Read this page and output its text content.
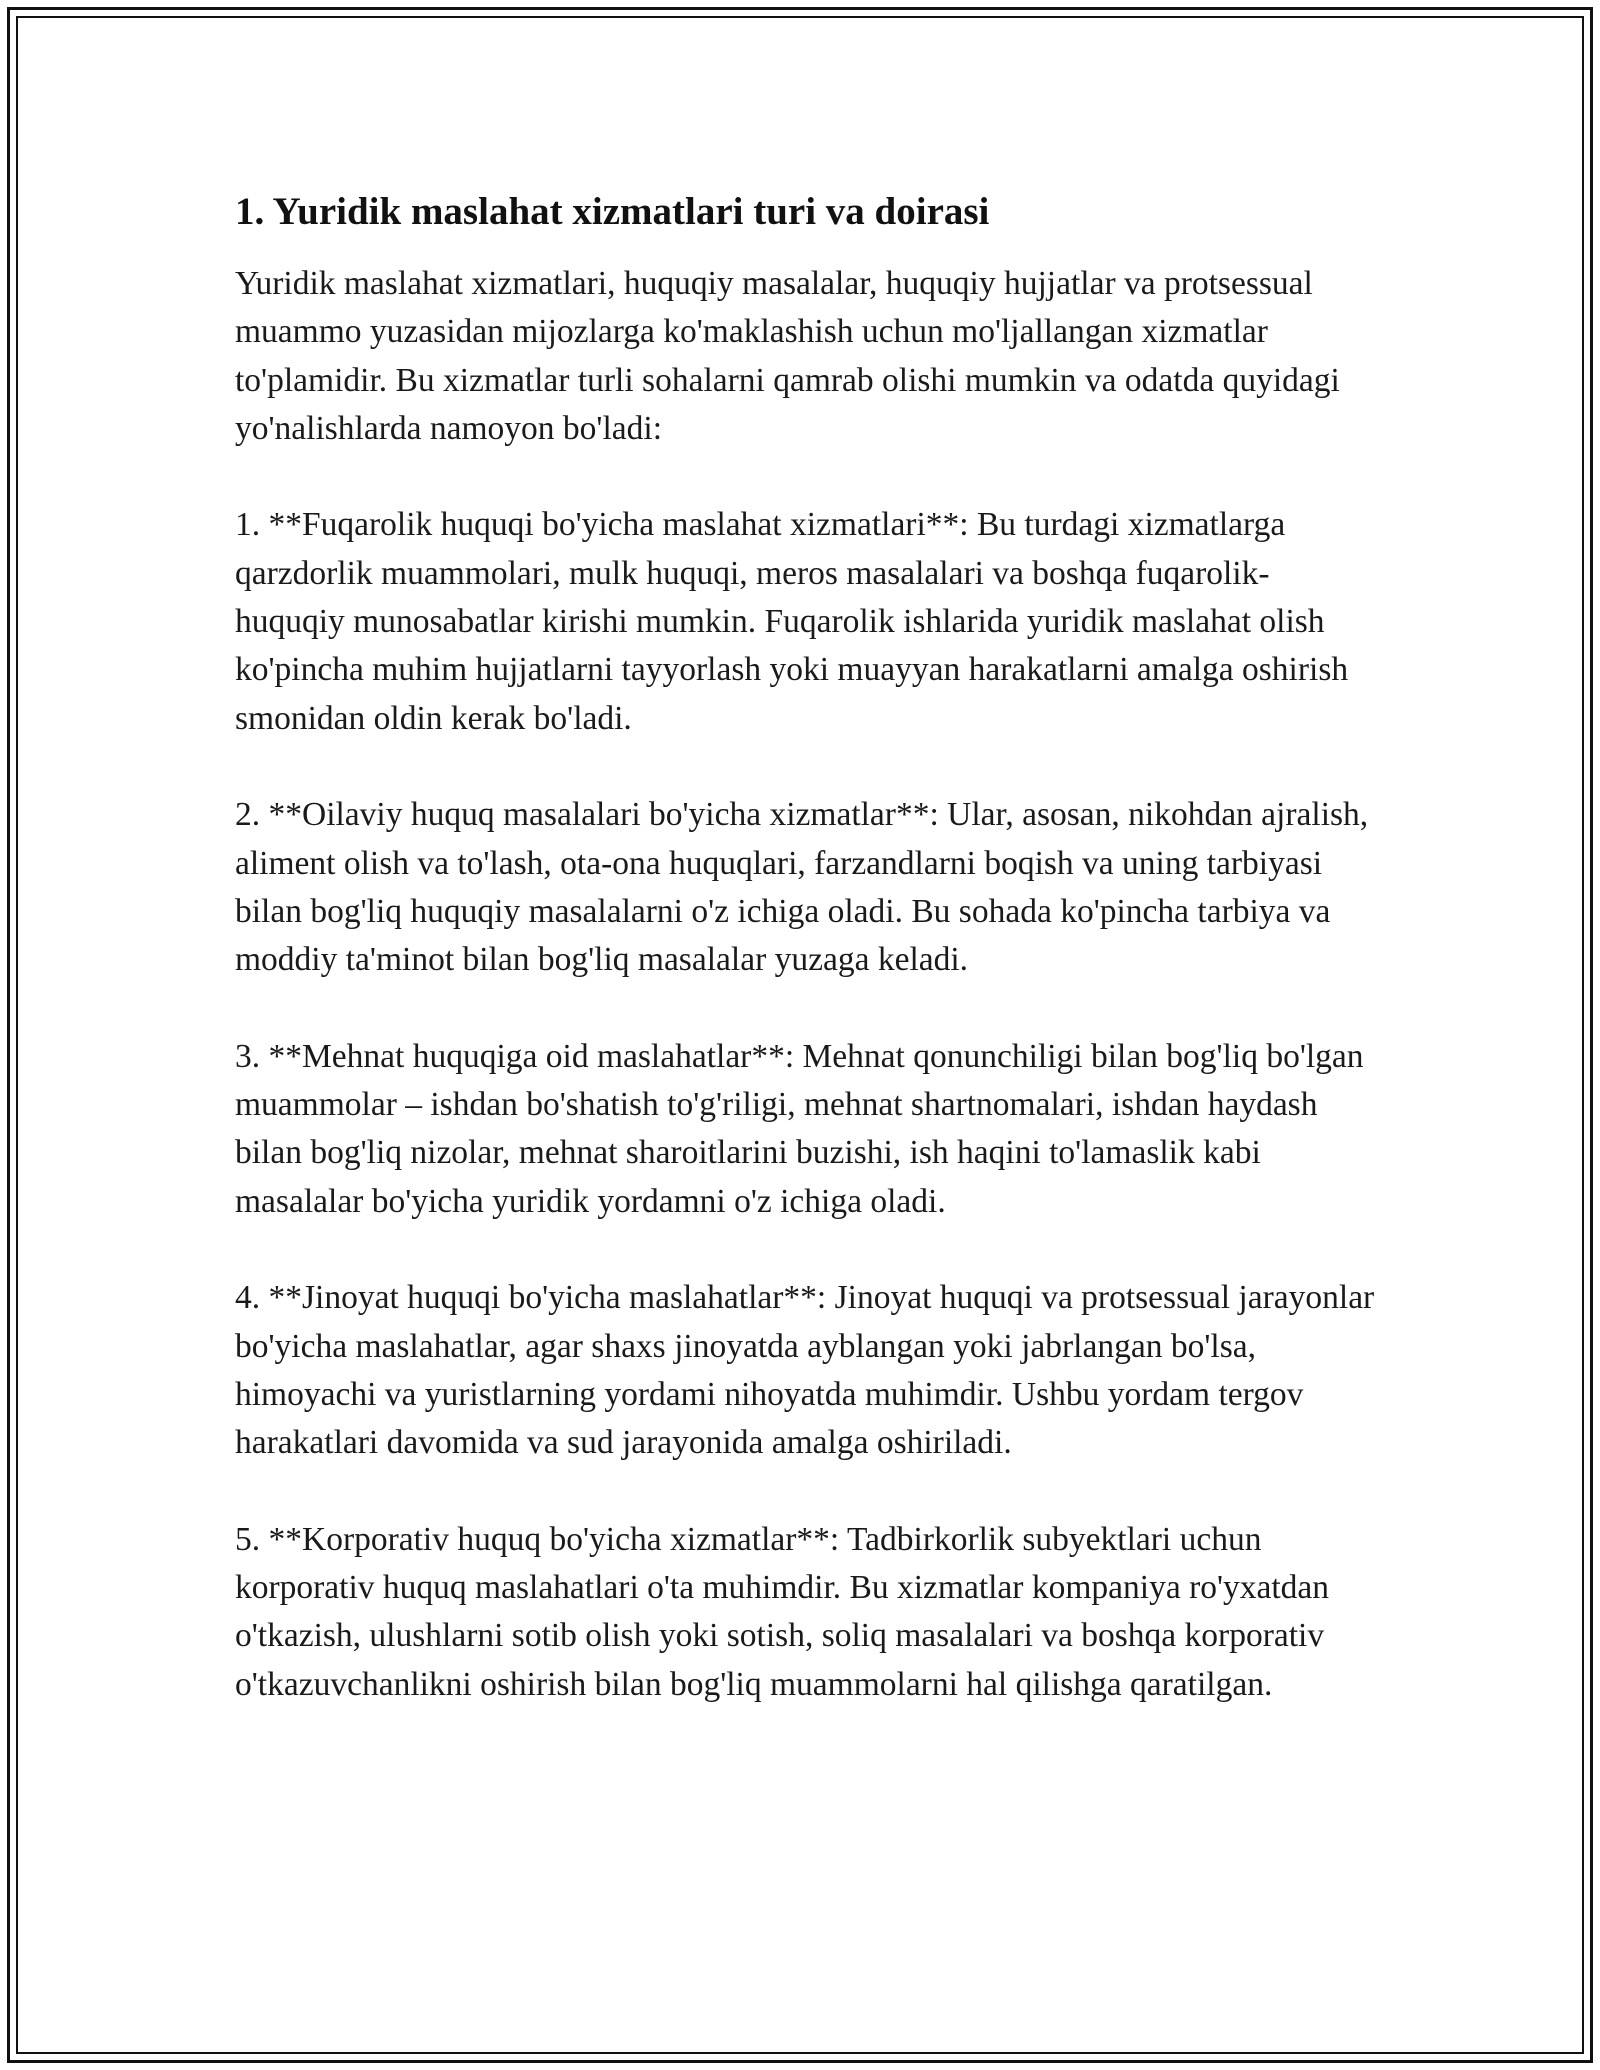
1. Yuridik maslahat xizmatlari turi va doirasi

Yuridik maslahat xizmatlari, huquqiy masalalar, huquqiy hujjatlar va protsessual muammo yuzasidan mijozlarga ko'maklashish uchun mo'ljallangan xizmatlar to'plamidir. Bu xizmatlar turli sohalarni qamrab olishi mumkin va odatda quyidagi yo'nalishlarda namoyon bo'ladi:

1. **Fuqarolik huquqi bo'yicha maslahat xizmatlari**: Bu turdagi xizmatlarga qarzdorlik muammolari, mulk huquqi, meros masalalari va boshqa fuqarolik-huquqiy munosabatlar kirishi mumkin. Fuqarolik ishlarida yuridik maslahat olish ko'pincha muhim hujjatlarni tayyorlash yoki muayyan harakatlarni amalga oshirish smonidan oldin kerak bo'ladi.

2. **Oilaviy huquq masalalari bo'yicha xizmatlar**: Ular, asosan, nikohdan ajralish, aliment olish va to'lash, ota-ona huquqlari, farzandlarni boqish va uning tarbiyasi bilan bog'liq huquqiy masalalarni o'z ichiga oladi. Bu sohada ko'pincha tarbiya va moddiy ta'minot bilan bog'liq masalalar yuzaga keladi.

3. **Mehnat huquqiga oid maslahatlar**: Mehnat qonunchiligi bilan bog'liq bo'lgan muammolar – ishdan bo'shatish to'g'riligi, mehnat shartnomalari, ishdan haydash bilan bog'liq nizolar, mehnat sharoitlarini buzishi, ish haqini to'lamaslik kabi masalalar bo'yicha yuridik yordamni o'z ichiga oladi.

4. **Jinoyat huquqi bo'yicha maslahatlar**: Jinoyat huquqi va protsessual jarayonlar bo'yicha maslahatlar, agar shaxs jinoyatda ayblangan yoki jabrlangan bo'lsa, himoyachi va yuristlarning yordami nihoyatda muhimdir. Ushbu yordam tergov harakatlari davomida va sud jarayonida amalga oshiriladi.

5. **Korporativ huquq bo'yicha xizmatlar**: Tadbirkorlik subyektlari uchun korporativ huquq maslahatlari o'ta muhimdir. Bu xizmatlar kompaniya ro'yxatdan o'tkazish, ulushlarni sotib olish yoki sotish, soliq masalalari va boshqa korporativ o'tkazuvchanlikni oshirish bilan bog'liq muammolarni hal qilishga qaratilgan.
